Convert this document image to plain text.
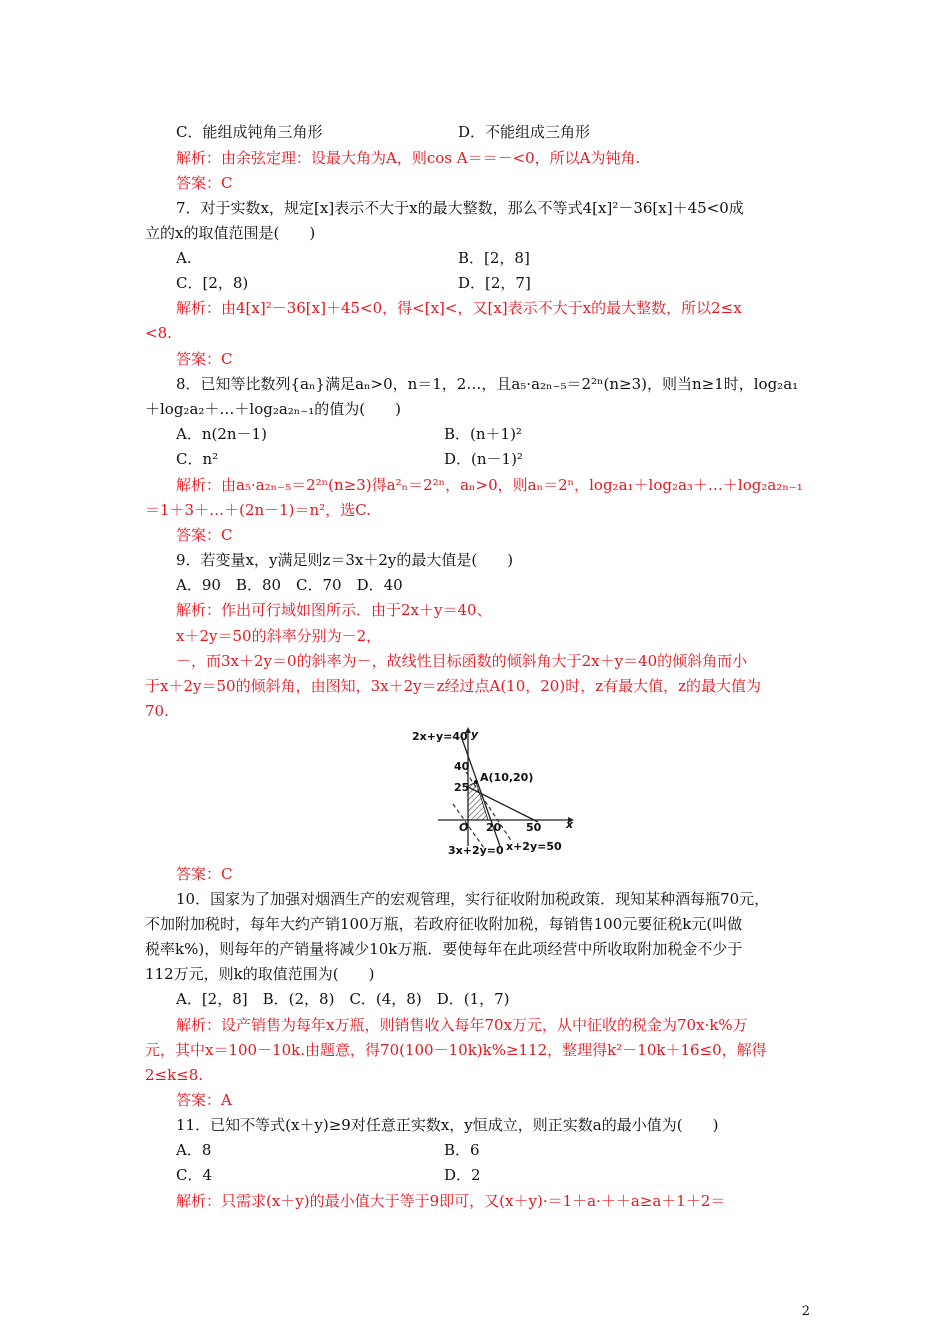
C．能组成钝角三角形	D．不能组成三角形
解析：由余弦定理：设最大角为A，则cos A＝＝－<0，所以A为钝角.
答案：C
7．对于实数x，规定[x]表示不大于x的最大整数，那么不等式4[x]²－36[x]＋45<0成
立的x的取值范围是(　　)
A.	B．[2，8]
C．[2，8)	D．[2，7]
解析：由4[x]²－36[x]＋45<0，得<[x]<，又[x]表示不大于x的最大整数，所以2≤x
<8.
答案：C
8．已知等比数列{aₙ}满足aₙ>0，n＝1，2…，且a₅·a₂ₙ₋₅＝2²ⁿ(n≥3)，则当n≥1时，log₂a₁
＋log₂a₂＋…＋log₂a₂ₙ₋₁的值为(　　)
A．n(2n－1)	B．(n＋1)²
C．n²	D．(n－1)²
解析：由a₅·a₂ₙ₋₅＝2²ⁿ(n≥3)得a²ₙ＝2²ⁿ，aₙ>0，则aₙ＝2ⁿ，log₂a₁＋log₂a₃＋…＋log₂a₂ₙ₋₁
＝1＋3＋…＋(2n－1)＝n²，选C.
答案：C
9．若变量x，y满足则z＝3x＋2y的最大值是(　　)
A．90　B．80　C．70　D．40
解析：作出可行域如图所示．由于2x＋y＝40、
x＋2y＝50的斜率分别为－2，
－，而3x＋2y＝0的斜率为－，故线性目标函数的倾斜角大于2x＋y＝40的倾斜角而小
于x＋2y＝50的倾斜角，由图知，3x＋2y＝z经过点A(10，20)时，z有最大值，z的最大值为
70.
2x+y=40 y
40
25
A(10,20)
O 20 50 x
3x+2y=0 x+2y=50
答案：C
10．国家为了加强对烟酒生产的宏观管理，实行征收附加税政策．现知某种酒每瓶70元，
不加附加税时，每年大约产销100万瓶，若政府征收附加税，每销售100元要征税k元(叫做
税率k%)，则每年的产销量将减少10k万瓶．要使每年在此项经营中所收取附加税金不少于
112万元，则k的取值范围为(　　)
A．[2，8]　B．(2，8)　C．(4，8)　D．(1，7)
解析：设产销售为每年x万瓶，则销售收入每年70x万元，从中征收的税金为70x·k%万
元，其中x＝100－10k.由题意，得70(100－10k)k%≥112，整理得k²－10k＋16≤0，解得
2≤k≤8.
答案：A
11．已知不等式(x＋y)≥9对任意正实数x，y恒成立，则正实数a的最小值为(　　)
A．8	B．6
C．4	D．2
解析：只需求(x＋y)的最小值大于等于9即可，又(x＋y)·＝1＋a·＋＋a≥a＋1＋2＝
2
